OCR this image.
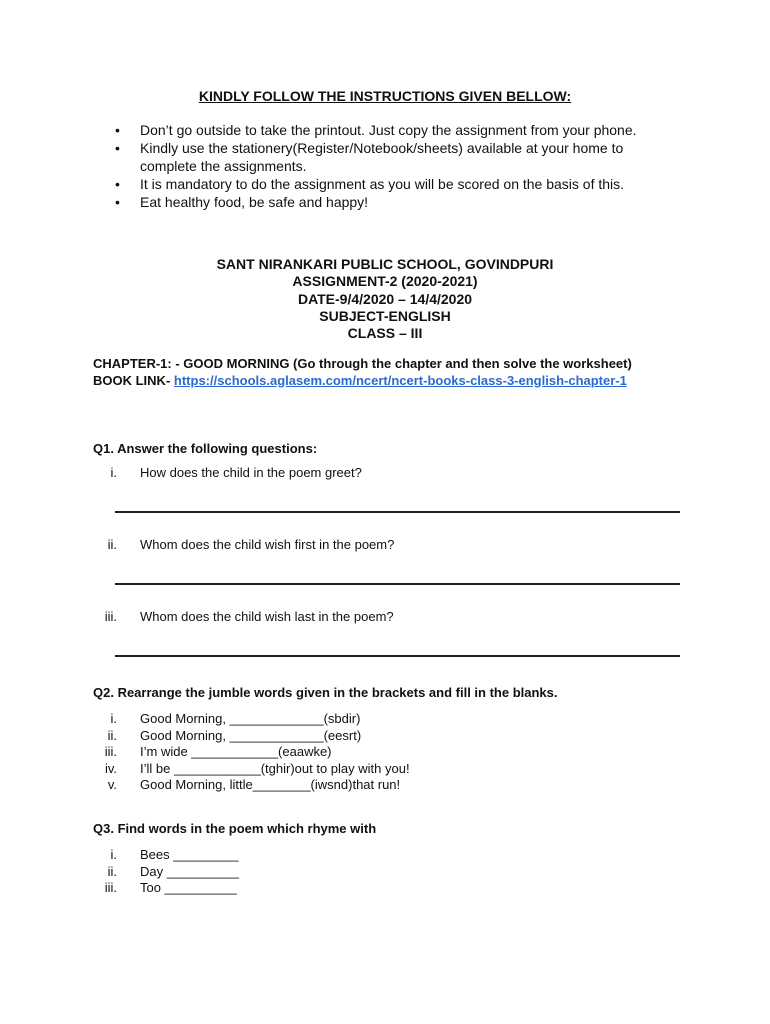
KINDLY FOLLOW THE INSTRUCTIONS GIVEN BELLOW:
• Don’t go outside to take the printout. Just copy the assignment from your phone.
• Kindly use the stationery(Register/Notebook/sheets) available at your home to complete the assignments.
• It is mandatory to do the assignment as you will be scored on the basis of this.
• Eat healthy food, be safe and happy!
SANT NIRANKARI PUBLIC SCHOOL, GOVINDPURI
ASSIGNMENT-2 (2020-2021)
DATE-9/4/2020 – 14/4/2020
SUBJECT-ENGLISH
CLASS – III
CHAPTER-1: - GOOD MORNING (Go through the chapter and then solve the worksheet)
BOOK LINK- https://schools.aglasem.com/ncert/ncert-books-class-3-english-chapter-1
Q1. Answer the following questions:
i. How does the child in the poem greet?
ii. Whom does the child wish first in the poem?
iii. Whom does the child wish last in the poem?
Q2. Rearrange the jumble words given in the brackets and fill in the blanks.
i. Good Morning, _____________(sbdir)
ii. Good Morning, _____________(eesrt)
iii. I’m wide ____________(eaawke)
iv. I’ll be ____________(tghir)out to play with you!
v. Good Morning, little________(iwsnd)that run!
Q3. Find words in the poem which rhyme with
i. Bees _________
ii. Day __________
iii. Too __________
